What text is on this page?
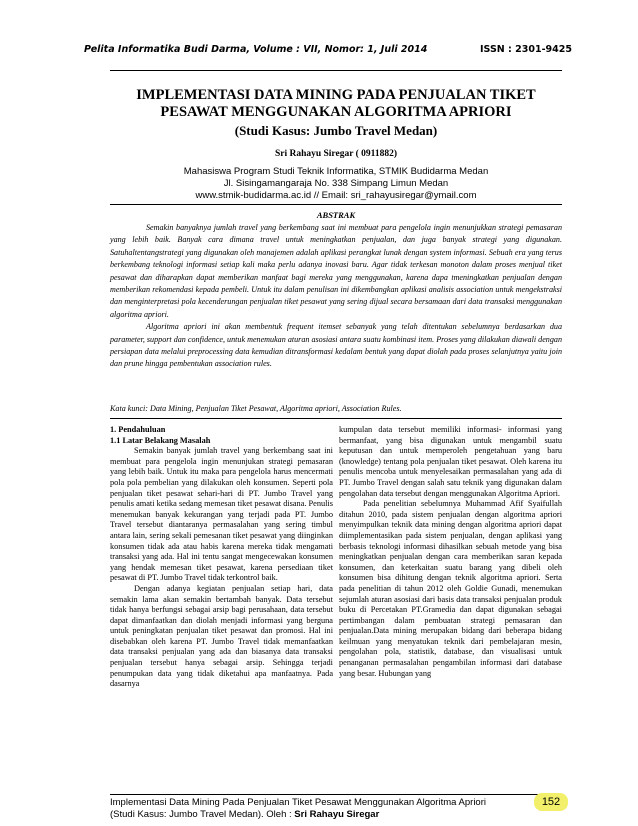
Pelita Informatika Budi Darma, Volume : VII, Nomor: 1, Juli 2014	ISSN : 2301-9425
IMPLEMENTASI DATA MINING PADA PENJUALAN TIKET PESAWAT MENGGUNAKAN ALGORITMA APRIORI
(Studi Kasus: Jumbo Travel Medan)
Sri Rahayu Siregar ( 0911882)
Mahasiswa Program Studi Teknik Informatika, STMIK Budidarma Medan
Jl. Sisingamangaraja No. 338 Simpang Limun Medan
www.stmik-budidarma.ac.id // Email: sri_rahayusiregar@ymail.com
ABSTRAK

Semakin banyaknya jumlah travel yang berkembang saat ini membuat para pengelola ingin menunjukkan strategi pemasaran yang lebih baik. Banyak cara dimana travel untuk meningkatkan penjualan, dan juga banyak strategi yang digunakan. Satuhaltentangstrategi yang digunakan oleh manajemen adalah aplikasi perangkat lunak dengan system informasi. Sebuah era yang terus berkembang teknologi informasi setiap kali maka perlu adanya inovasi baru. Agar tidak terkesan monoton dalam proses menjual tiket pesawat dan diharapkan dapat memberikan manfaat bagi mereka yang menggunakan, karena dapa tmeningkatkan penjualan dengan memberikan rekomendasi kepada pembeli. Untuk itu dalam penulisan ini dikembangkan aplikasi analisis association untuk mengekstraksi dan menginterpretasi pola kecenderungan penjualan tiket pesawat yang sering dijual secara bersamaan dari data transaksi menggunakan algoritma apriori.

Algoritma apriori ini akan membentuk frequent itemset sebanyak yang telah ditentukan sebelumnya berdasarkan dua parameter, support dan confidence, untuk menemukan aturan asosiasi antara suatu kombinasi item. Proses yang dilakukan diawali dengan persiapan data melalui preprocessing data kemudian ditransformasi kedalam bentuk yang dapat diolah pada proses selanjutnya yaitu join dan prune hingga pembentukan association rules.

Kata kunci: Data Mining, Penjualan Tiket Pesawat, Algoritma apriori, Association Rules.

1. Pendahuluan

1.1 Latar Belakang Masalah

Semakin banyak jumlah travel yang berkembang saat ini membuat para pengelola ingin menunjukan strategi pemasaran yang lebih baik. Untuk itu maka para pengelola harus mencermati pola pola pembelian yang dilakukan oleh konsumen. Seperti pola penjualan tiket pesawat sehari-hari di PT. Jumbo Travel yang penulis amati ketika sedang memesan tiket pesawat disana. Penulis menemukan banyak kekurangan yang terjadi pada PT. Jumbo Travel tersebut diantaranya permasalahan yang sering timbul antara lain, sering sekali pemesanan tiket pesawat yang diinginkan konsumen tidak ada atau habis karena mereka tidak mengamati transaksi yang ada. Hal ini tentu sangat mengecewakan konsumen yang hendak memesan tiket pesawat, karena persediaan tiket pesawat di PT. Jumbo Travel tidak terkontrol baik.

Dengan adanya kegiatan penjualan setiap hari, data semakin lama akan semakin bertambah banyak. Data tersebut tidak hanya berfungsi sebagai arsip bagi perusahaan, data tersebut dapat dimanfaatkan dan diolah menjadi informasi yang berguna untuk peningkatan penjualan tiket pesawat dan promosi. Hal ini disebabkan oleh karena PT. Jumbo Travel tidak memanfaatkan data transaksi penjualan yang ada dan biasanya data transaksi penjualan tersebut hanya sebagai arsip. Sehingga terjadi penumpukan data yang tidak diketahui apa manfaatnya. Pada dasarnya

kumpulan data tersebut memiliki informasi- informasi yang bermanfaat, yang bisa digunakan untuk mengambil suatu keputusan dan untuk memperoleh pengetahuan yang baru (knowledge) tentang pola penjualan tiket pesawat. Oleh karena itu penulis mencoba untuk menyelesaikan permasalahan yang ada di PT. Jumbo Travel dengan salah satu teknik yang digunakan dalam pengolahan data tersebut dengan menggunakan Algoritma Apriori.

Pada penelitian sebelumnya Muhammad Afif Syaifullah ditahun 2010, pada sistem penjualan dengan algoritma apriori menyimpulkan teknik data mining dengan algoritma apriori dapat diimplementasikan pada sistem penjualan, dengan aplikasi yang berbasis teknologi informasi dihasilkan sebuah metode yang bisa meningkatkan penjualan dengan cara memberikan saran kepada konsumen, dan keterkaitan suatu barang yang dibeli oleh konsumen bisa dihitung dengan teknik algoritma apriori. Serta pada penelitian di tahun 2012 oleh Goldie Gunadi, menemukan sejumlah aturan asosiasi dari basis data transaksi penjualan produk buku di Percetakan PT.Gramedia dan dapat digunakan sebagai pertimbangan dalam pembuatan strategi pemasaran dan penjualan.Data mining merupakan bidang dari beberapa bidang keilmuan yang menyatukan teknik dari pembelajaran mesin, pengolahan pola, statistik, database, dan visualisasi untuk penanganan permasalahan pengambilan informasi dari database yang besar. Hubungan yang

Implementasi Data Mining Pada Penjualan Tiket Pesawat Menggunakan Algoritma Apriori
(Studi Kasus: Jumbo Travel Medan). Oleh : Sri Rahayu Siregar
152
